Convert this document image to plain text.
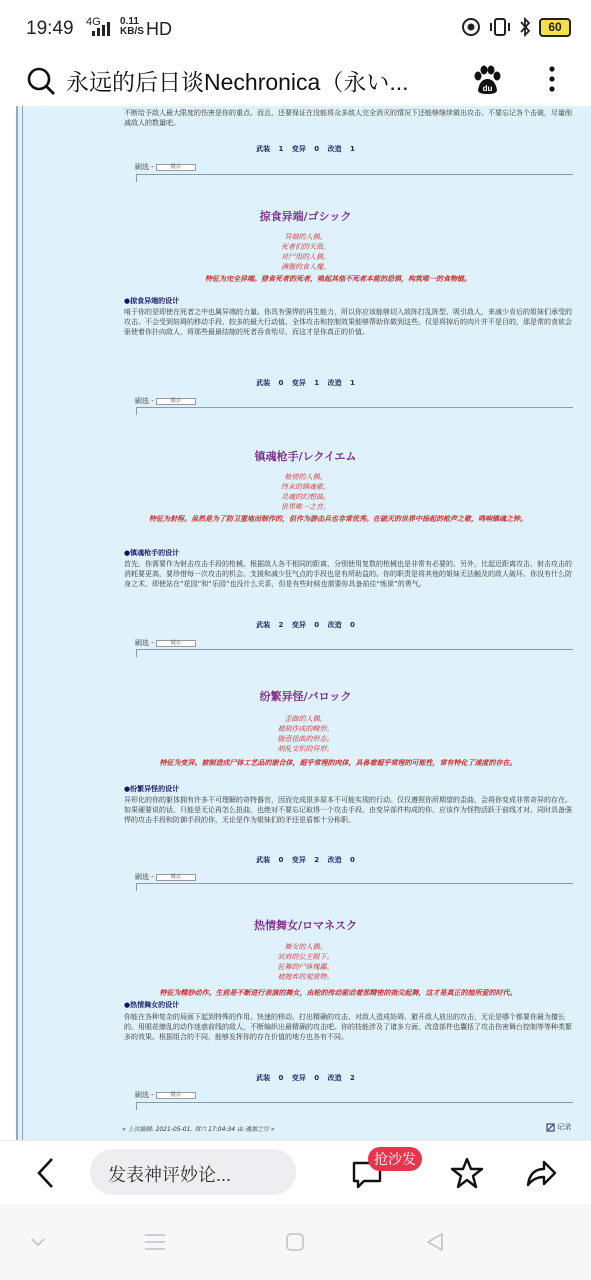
19:49 4G 0.11
KB/S HD	60
永远的后日谈Nechronica（永い...	du
不断给予敌人最大限度的伤害是你的重点。而且，还要保证在没能将众多敌人完全消灭的情况下还能够继续做出攻击。不要忘记各个击破，尽量削减敌人的数量吧。
武装 1 变异 0 改造 1
刷选 -	展示
掠食异端/ゴシック
异端的人偶。
死者们的天敌。
对尸用的人偶。
满腹的食人魔。
特征为完全异端。猎食死者的死者，唤起其他不死者本能的恐惧，构筑唯一的食物链。
●掠食异端的设计
啃于你的是即使在死者之中也属异端的力量。你具有强悍的再生能力，所以你应该能够切入敌阵打乱阵型、吸引敌人，来减少肯后的姐妹们承受的攻击。不会受到妨碍的移动手段、较多的最大行动值、全体攻击和控制效果能够帮助你做到这些。仅是将掉后的肉片并不是目的，那是常的食欲会驱使着你扑向敌人，将那些最最结缩的死者吞食殆尽，而这才是你真正的价值。
武装 0 变异 1 改造 1
刷选 -	展示
镇魂枪手/レクイエム
枪使的人偶。
终末的镇魂歌。
灵魂的幻想曲。
世界唯一之音。
特征为射程。虽然是为了防卫重地而制作的，但作为游击兵也非常优秀。在破灭的世界中扬起的枪声之歌，鸣响镇魂之钟。
●镇魂枪手的设计
首先，你需要作为射击攻击手段的枪械。根据敌人各不相同的距离，分别使用复数的枪械也是非常有必要的。另外，比起近距离攻击，射击攻击的消耗要更高，要珍惜每一次攻击的机会。支援和减少狂气点的手段也是有所助益的。你的职责是将其他的姐妹无法触及的敌人破坏。你没有什么防身之术，即使站在“花园”和“乐园”也没什么关系，但是有些时候也需要你具备前往“炼狱”的勇气。
武装 2 变异 0 改造 0
刷选 -	展示
纷繁异怪/バロック
歪曲的人偶。
被制作成的畸形。
随意扭曲的形态。
胡乱交织的异形。
特征为变异。被制造成尸体工艺品的嵌合体，超乎常理的肉体，具备着超乎常理的可能性，常有特化了速度的存在。
●纷繁异怪的设计
异形化的你的躯体拥有许多不可理解的奇特器官，因而完成很多原本不可能实现的行动。仅仅遵照你所期望的歪曲，会将你变成非常奇异的存在。如果硬要说的话，只能是无论再怎么扭曲，也绝对不要忘记取得一个攻击手段。由变异部件构成的你，应该作为怪物活跃于前线才对。同时具备强悍的攻击手段和防御手段的你，无论是作为姐妹们的矛还是盾都十分称职。
武装 0 变异 2 改造 0
刷选 -	展示
热情舞女/ロマネスク
舞女的人偶。
冥府的公主殿下。
狂舞的尸体傀儡。
被抛弃的观赏物。
特征为精妙动作。生前是不断进行表演的舞女，由轮的传动驱动着那精密的指尖起舞，这才是真正的她所爱的时代。
●热情舞女的设计
你能在各种复杂的局面下起到特殊的作用。快速的移动、打出精确的攻击、对敌人造成妨碍、避开敌人放出的攻击，无论是哪个都要你最为擅长的。用眼花缭乱的动作迷惑前线的敌人，不断编织出最精确的攻击吧。你的技能涉及了诸多方面，改造部件也囊括了攻击伤害舞台控制等等种类繁多的效果。根据组合的不同，能够发挥你的存在价值的地方也各有不同。
武装 0 变异 0 改造 2
刷选 -	展示
« 上次编辑: 2021-05-01, 周六 17:04:34 由 魂湖之空 »	记录
发表神评妙论...
抢沙发
